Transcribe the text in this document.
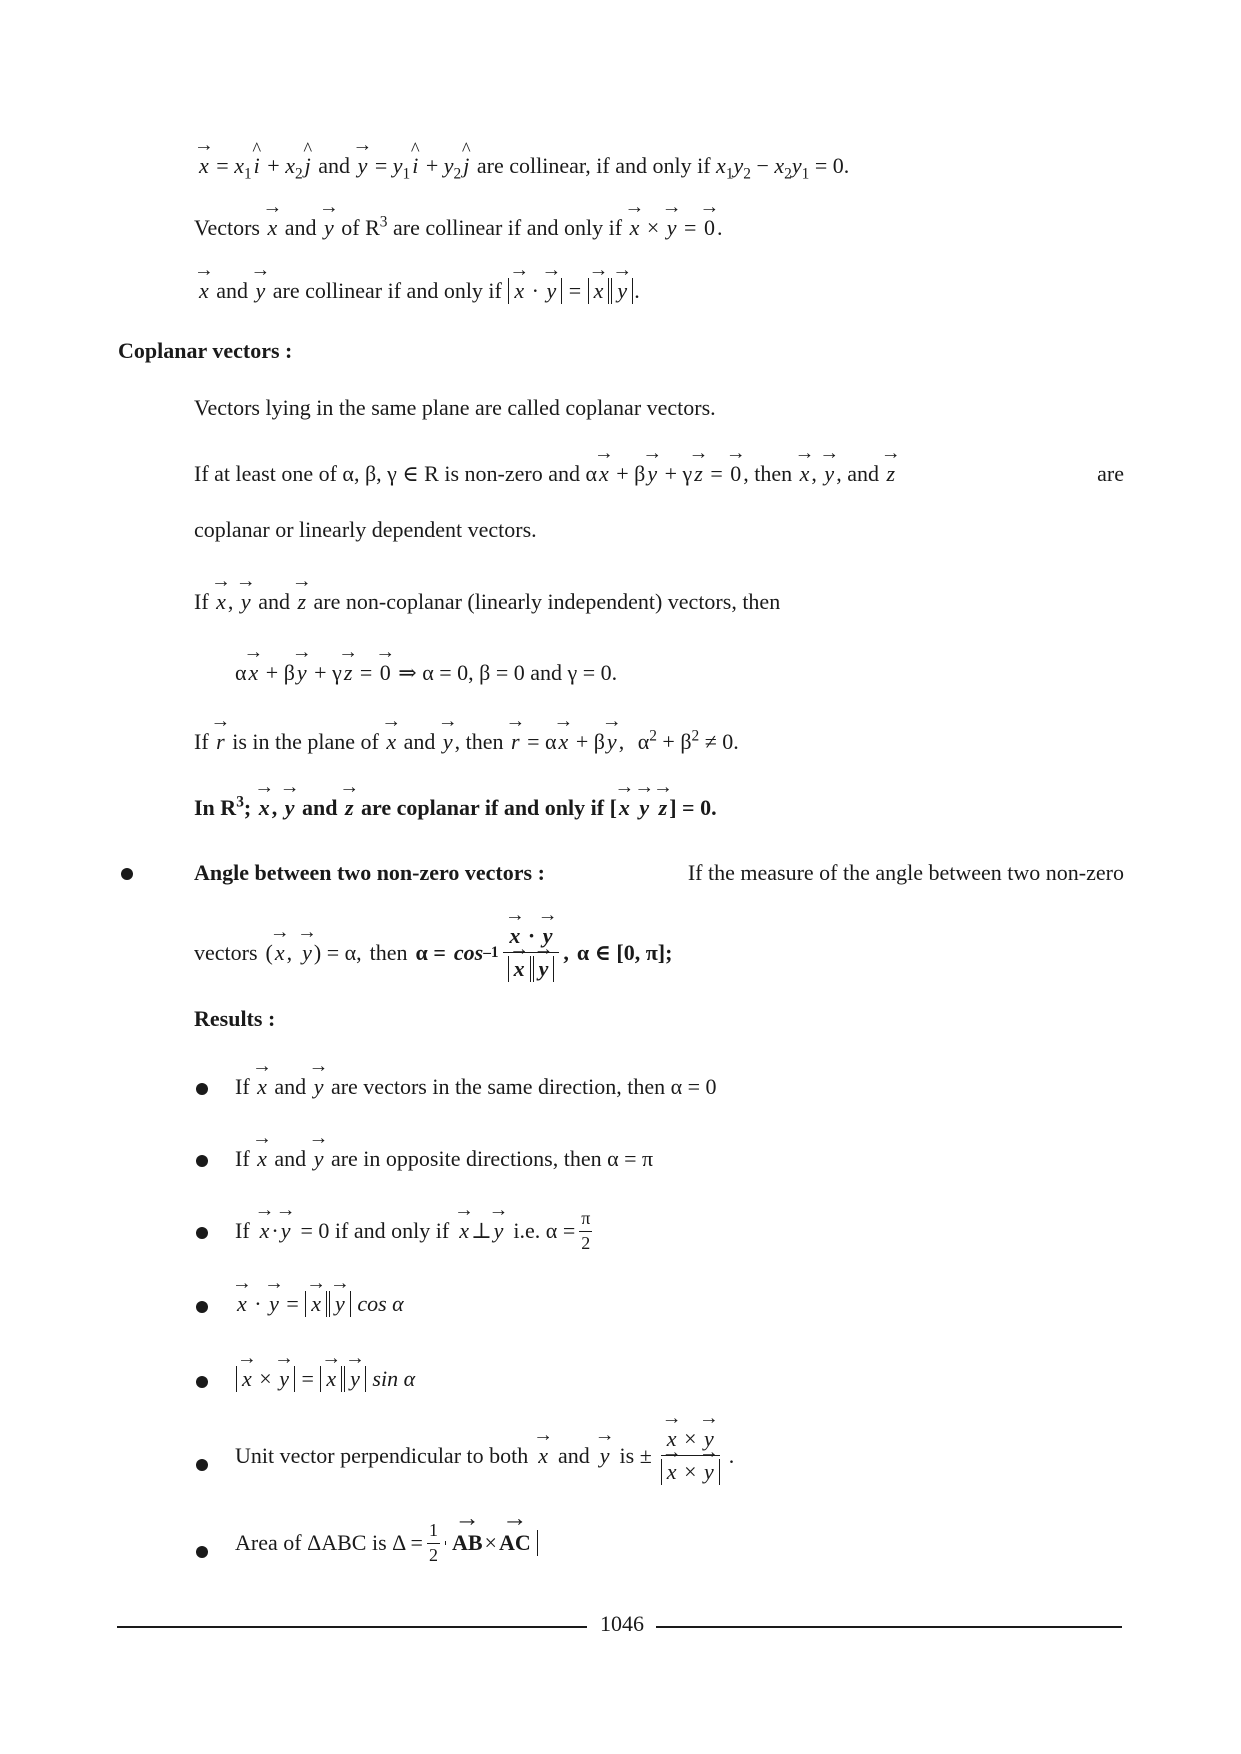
→ $x = x_1\^{}$ $i + x_2\^{}$ j and → $y = y_1\^{}$ $i + y_2\^{}$ j are collinear, if and only if $x_1y_2 - x_2y_1 = 0$.
Vectors → x and → y of $R^3$ are collinear if and only if → x × → y = → 0.
→ x and → y are collinear if and only if → x · → y = → x → y .
Coplanar vectors :
Vectors lying in the same plane are called coplanar vectors.
If at least one of α, β, γ ∈ R is non-zero and α→ x + β→ y + γ→ z = → 0, then → x, → y, and → z	are
coplanar or linearly dependent vectors.
If → x, → y and → z are non-coplanar (linearly independent) vectors, then
α→ x + β→ y + γ→ z = → 0 ⇒ α = 0, β = 0 and γ = 0.
If → r is in the plane of → x and → y, then → r = α→ x + β→ y, $\alpha^2 + \beta^2 \ne 0$.
In $R^3$; → x, → y and → z are coplanar if and only if [→ x → y → z] = 0.
Angle between two non-zero vectors :	If the measure of the angle between two non-zero
vectors ( → x , → y ) = α, then α = cos –1 → x · → y
→ x → y , α ∈ [0, π];
Results :
If → x and → y are vectors in the same direction, then α = 0
If → x and → y are in opposite directions, then α = π
If → x · → y = 0 if and only if → x ⊥ → y i.e. $\alpha = \frac{\pi}{2}$
→ x · → y = → x → y cos α
→ x × → y = → x → y sin α
Unit vector perpendicular to both → x and → y is ± → x × → y
→ x × → y .
Area of ΔABC is $\Delta = \frac{1}{2}$ → AB × → AC
1046
